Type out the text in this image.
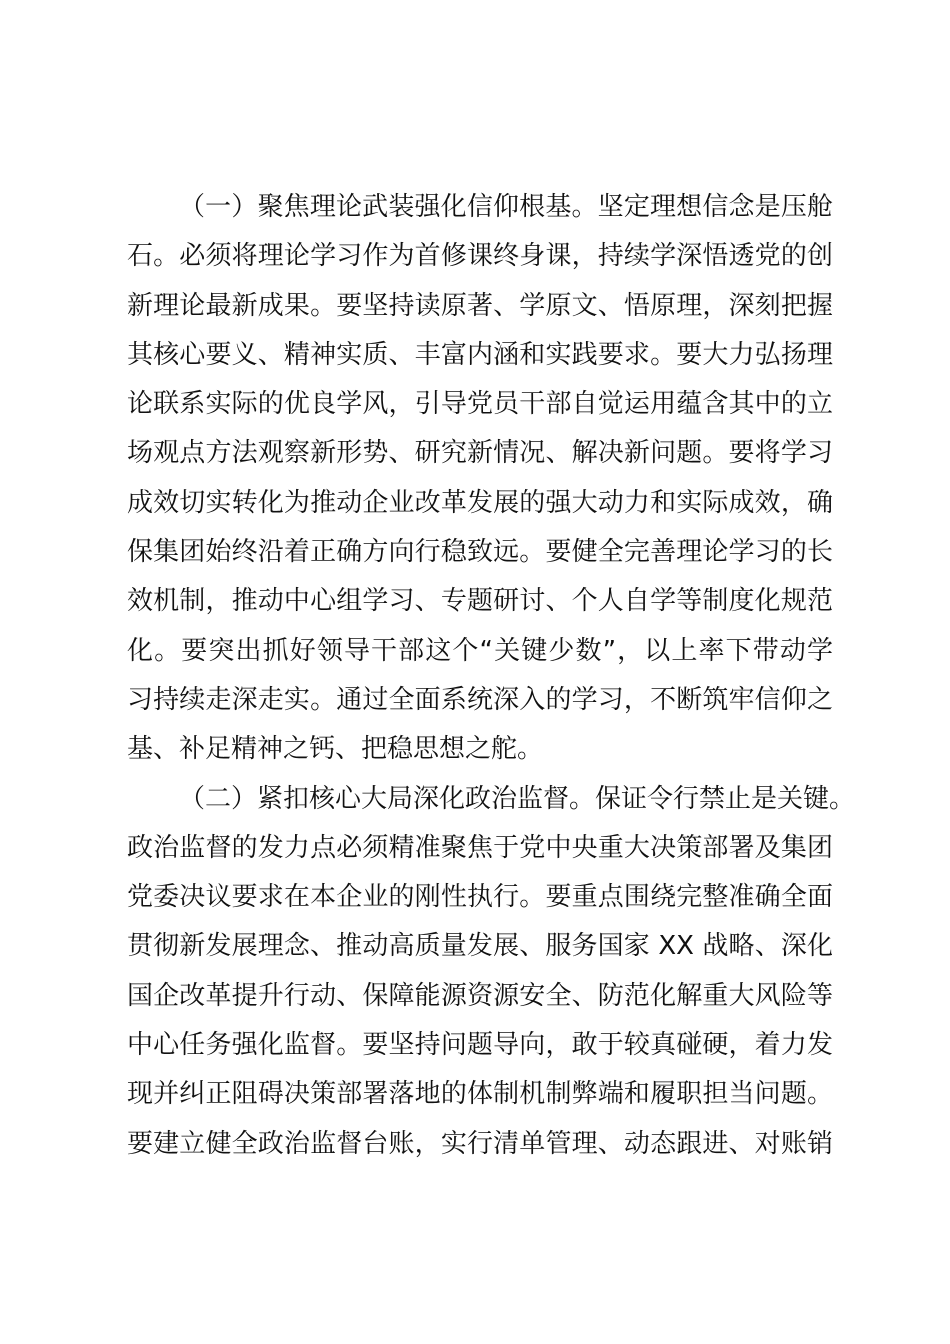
（一）聚焦理论武装强化信仰根基。坚定理想信念是压舱
石。必须将理论学习作为首修课终身课，持续学深悟透党的创
新理论最新成果。要坚持读原著、学原文、悟原理，深刻把握
其核心要义、精神实质、丰富内涵和实践要求。要大力弘扬理
论联系实际的优良学风，引导党员干部自觉运用蕴含其中的立
场观点方法观察新形势、研究新情况、解决新问题。要将学习
成效切实转化为推动企业改革发展的强大动力和实际成效，确
保集团始终沿着正确方向行稳致远。要健全完善理论学习的长
效机制，推动中心组学习、专题研讨、个人自学等制度化规范
化。要突出抓好领导干部这个“关键少数”，以上率下带动学
习持续走深走实。通过全面系统深入的学习，不断筑牢信仰之
基、补足精神之钙、把稳思想之舵。
（二）紧扣核心大局深化政治监督。保证令行禁止是关键。
政治监督的发力点必须精准聚焦于党中央重大决策部署及集团
党委决议要求在本企业的刚性执行。要重点围绕完整准确全面
贯彻新发展理念、推动高质量发展、服务国家 XX 战略、深化
国企改革提升行动、保障能源资源安全、防范化解重大风险等
中心任务强化监督。要坚持问题导向，敢于较真碰硬，着力发
现并纠正阻碍决策部署落地的体制机制弊端和履职担当问题。
要建立健全政治监督台账，实行清单管理、动态跟进、对账销
